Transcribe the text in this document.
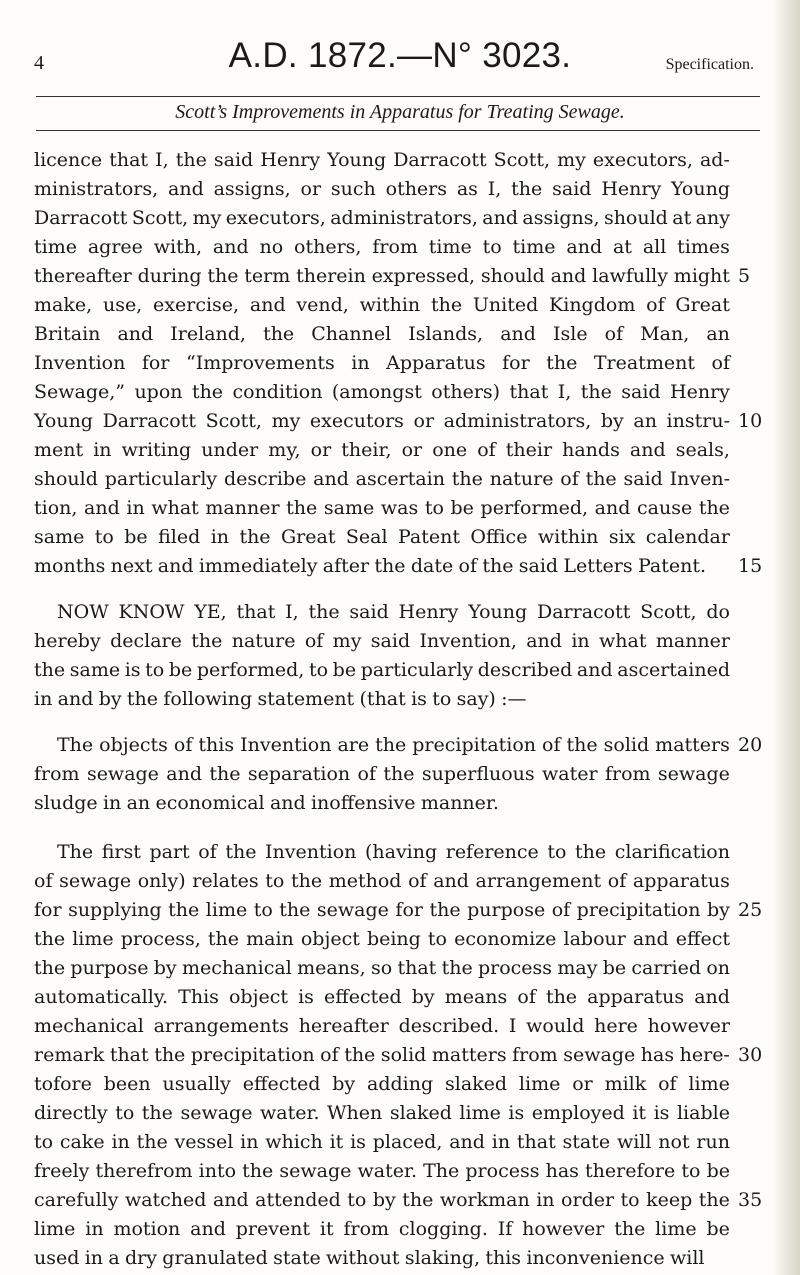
4	A.D. 1872.—N° 3023.	Specification.
Scott’s Improvements in Apparatus for Treating Sewage.
licence that I, the said Henry Young Darracott Scott, my executors, ad-
ministrators, and assigns, or such others as I, the said Henry Young
Darracott Scott, my executors, administrators, and assigns, should at any
time agree with, and no others, from time to time and at all times
thereafter during the term therein expressed, should and lawfully might
make, use, exercise, and vend, within the United Kingdom of Great
Britain and Ireland, the Channel Islands, and Isle of Man, an
Invention for “Improvements in Apparatus for the Treatment of
Sewage,” upon the condition (amongst others) that I, the said Henry
Young Darracott Scott, my executors or administrators, by an instru-
ment in writing under my, or their, or one of their hands and seals,
should particularly describe and ascertain the nature of the said Inven-
tion, and in what manner the same was to be performed, and cause the
same to be filed in the Great Seal Patent Office within six calendar
months next and immediately after the date of the said Letters Patent.
NOW KNOW YE, that I, the said Henry Young Darracott Scott, do
hereby declare the nature of my said Invention, and in what manner
the same is to be performed, to be particularly described and ascertained
in and by the following statement (that is to say) :—
The objects of this Invention are the precipitation of the solid matters
from sewage and the separation of the superfluous water from sewage
sludge in an economical and inoffensive manner.
The first part of the Invention (having reference to the clarification
of sewage only) relates to the method of and arrangement of apparatus
for supplying the lime to the sewage for the purpose of precipitation by
the lime process, the main object being to economize labour and effect
the purpose by mechanical means, so that the process may be carried on
automatically. This object is effected by means of the apparatus and
mechanical arrangements hereafter described. I would here however
remark that the precipitation of the solid matters from sewage has here-
tofore been usually effected by adding slaked lime or milk of lime
directly to the sewage water. When slaked lime is employed it is liable
to cake in the vessel in which it is placed, and in that state will not run
freely therefrom into the sewage water. The process has therefore to be
carefully watched and attended to by the workman in order to keep the
lime in motion and prevent it from clogging. If however the lime be
used in a dry granulated state without slaking, this inconvenience will
5
10
15
20
25
30
35
